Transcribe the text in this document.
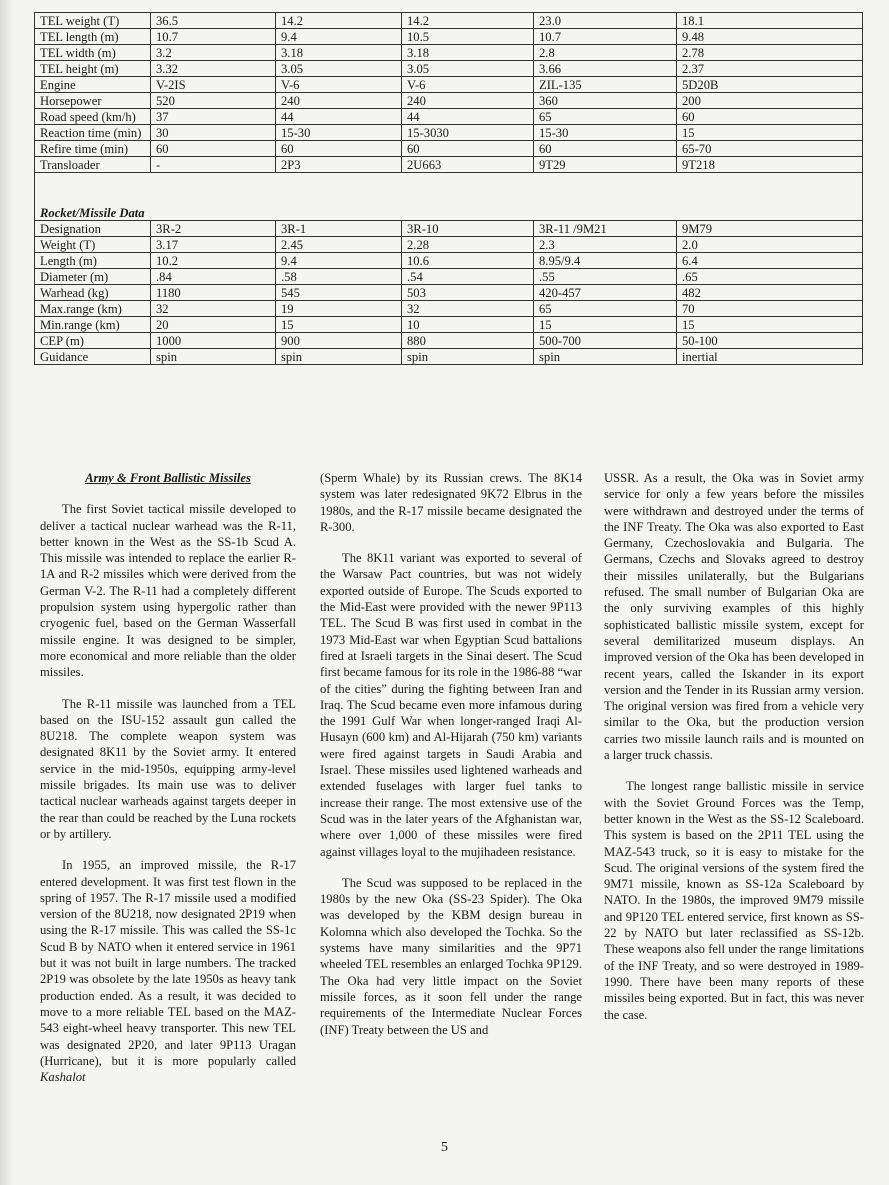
TEL weight (T)	36.5	14.2	14.2	23.0	18.1
TEL length (m)	10.7	9.4	10.5	10.7	9.48
TEL width (m)	3.2	3.18	3.18	2.8	2.78
TEL height (m)	3.32	3.05	3.05	3.66	2.37
Engine	V-2IS	V-6	V-6	ZIL-135	5D20B
Horsepower	520	240	240	360	200
Road speed (km/h)	37	44	44	65	60
Reaction time (min)	30	15-30	15-3030	15-30	15
Refire time (min)	60	60	60	60	65-70
Transloader	-	2P3	2U663	9T29	9T218

Rocket/Missile Data					
Designation	3R-2	3R-1	3R-10	3R-11 /9M21	9M79
Weight (T)	3.17	2.45	2.28	2.3	2.0
Length (m)	10.2	9.4	10.6	8.95/9.4	6.4
Diameter (m)	.84	.58	.54	.55	.65
Warhead (kg)	1180	545	503	420-457	482
Max.range (km)	32	19	32	65	70
Min.range (km)	20	15	10	15	15
CEP (m)	1000	900	880	500-700	50-100
Guidance	spin	spin	spin	spin	inertial

Army & Front Ballistic Missiles

The first Soviet tactical missile developed to deliver a tactical nuclear warhead was the R-11, better known in the West as the SS-1b Scud A. This missile was intended to replace the earlier R-1A and R-2 missiles which were derived from the German V-2. The R-11 had a completely different propulsion system using hypergolic rather than cryogenic fuel, based on the German Wasserfall missile engine. It was designed to be simpler, more economical and more reliable than the older missiles.

The R-11 missile was launched from a TEL based on the ISU-152 assault gun called the 8U218. The complete weapon system was designated 8K11 by the Soviet army. It entered service in the mid-1950s, equipping army-level missile brigades. Its main use was to deliver tactical nuclear warheads against targets deeper in the rear than could be reached by the Luna rockets or by artillery.

In 1955, an improved missile, the R-17 entered development. It was first test flown in the spring of 1957. The R-17 missile used a modified version of the 8U218, now designated 2P19 when using the R-17 missile. This was called the SS-1c Scud B by NATO when it entered service in 1961 but it was not built in large numbers. The tracked 2P19 was obsolete by the late 1950s as heavy tank production ended. As a result, it was decided to move to a more reliable TEL based on the MAZ-543 eight-wheel heavy transporter. This new TEL was designated 2P20, and later 9P113 Uragan (Hurricane), but it is more popularly called Kashalot

(Sperm Whale) by its Russian crews. The 8K14 system was later redesignated 9K72 Elbrus in the 1980s, and the R-17 missile became designated the R-300.

The 8K11 variant was exported to several of the Warsaw Pact countries, but was not widely exported outside of Europe. The Scuds exported to the Mid-East were provided with the newer 9P113 TEL. The Scud B was first used in combat in the 1973 Mid-East war when Egyptian Scud battalions fired at Israeli targets in the Sinai desert. The Scud first became famous for its role in the 1986-88 “war of the cities” during the fighting between Iran and Iraq. The Scud became even more infamous during the 1991 Gulf War when longer-ranged Iraqi Al-Husayn (600 km) and Al-Hijarah (750 km) variants were fired against targets in Saudi Arabia and Israel. These missiles used lightened warheads and extended fuselages with larger fuel tanks to increase their range. The most extensive use of the Scud was in the later years of the Afghanistan war, where over 1,000 of these missiles were fired against villages loyal to the mujihadeen resistance.

The Scud was supposed to be replaced in the 1980s by the new Oka (SS-23 Spider). The Oka was developed by the KBM design bureau in Kolomna which also developed the Tochka. So the systems have many similarities and the 9P71 wheeled TEL resembles an enlarged Tochka 9P129. The Oka had very little impact on the Soviet missile forces, as it soon fell under the range requirements of the Intermediate Nuclear Forces (INF) Treaty between the US and

USSR. As a result, the Oka was in Soviet army service for only a few years before the missiles were withdrawn and destroyed under the terms of the INF Treaty. The Oka was also exported to East Germany, Czechoslovakia and Bulgaria. The Germans, Czechs and Slovaks agreed to destroy their missiles unilaterally, but the Bulgarians refused. The small number of Bulgarian Oka are the only surviving examples of this highly sophisticated ballistic missile system, except for several demilitarized museum displays. An improved version of the Oka has been developed in recent years, called the Iskander in its export version and the Tender in its Russian army version. The original version was fired from a vehicle very similar to the Oka, but the production version carries two missile launch rails and is mounted on a larger truck chassis.

The longest range ballistic missile in service with the Soviet Ground Forces was the Temp, better known in the West as the SS-12 Scaleboard. This system is based on the 2P11 TEL using the MAZ-543 truck, so it is easy to mistake for the Scud. The original versions of the system fired the 9M71 missile, known as SS-12a Scaleboard by NATO. In the 1980s, the improved 9M79 missile and 9P120 TEL entered service, first known as SS-22 by NATO but later reclassified as SS-12b. These weapons also fell under the range limitations of the INF Treaty, and so were destroyed in 1989-1990. There have been many reports of these missiles being exported. But in fact, this was never the case.

5
